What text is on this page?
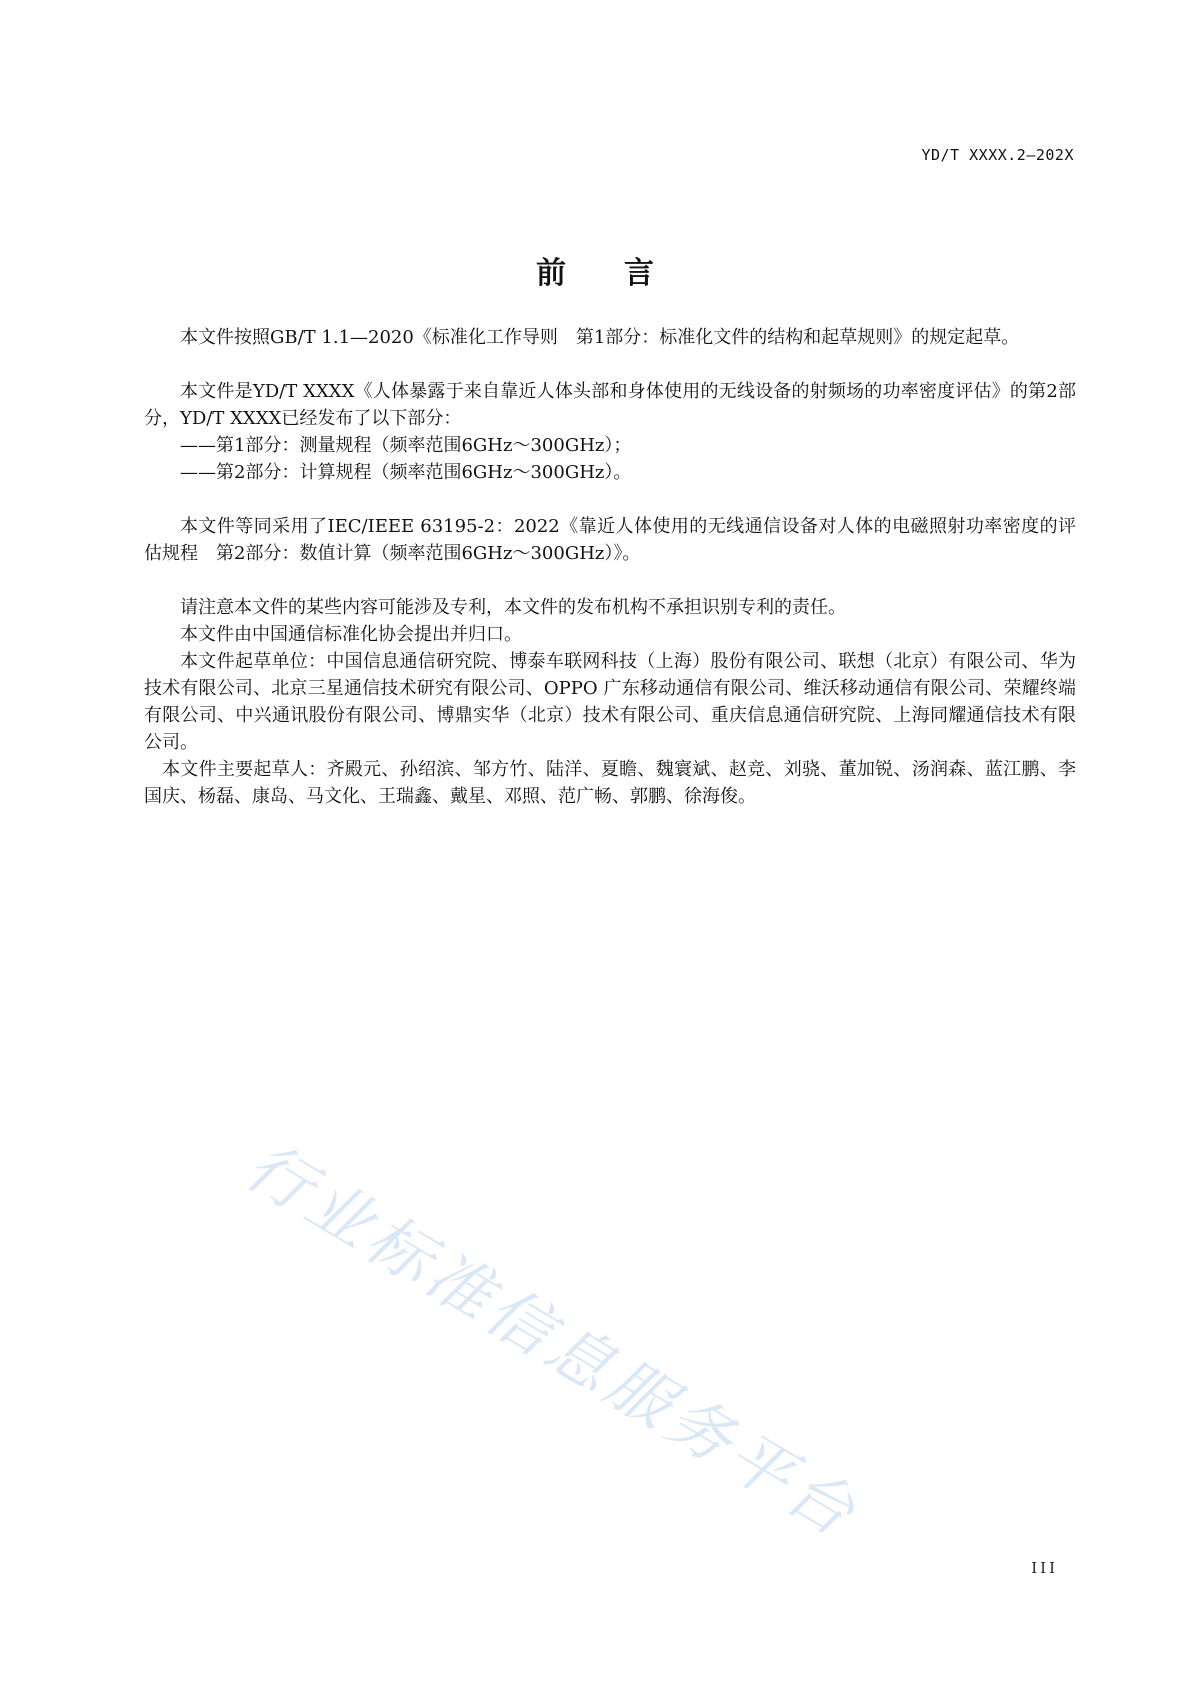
YD/T XXXX.2—202X
前言

本文件按照GB/T 1.1—2020《标准化工作导则　第1部分：标准化文件的结构和起草规则》的规定起草。

本文件是YD/T XXXX《人体暴露于来自靠近人体头部和身体使用的无线设备的射频场的功率密度评估》的第2部分，YD/T XXXX已经发布了以下部分：

——第1部分：测量规程（频率范围6GHz～300GHz）；

——第2部分：计算规程（频率范围6GHz～300GHz）。

本文件等同采用了IEC/IEEE 63195-2：2022《靠近人体使用的无线通信设备对人体的电磁照射功率密度的评估规程　第2部分：数值计算（频率范围6GHz～300GHz）》。

请注意本文件的某些内容可能涉及专利，本文件的发布机构不承担识别专利的责任。

本文件由中国通信标准化协会提出并归口。

本文件起草单位：中国信息通信研究院、博泰车联网科技（上海）股份有限公司、联想（北京）有限公司、华为技术有限公司、北京三星通信技术研究有限公司、OPPO 广东移动通信有限公司、维沃移动通信有限公司、荣耀终端有限公司、中兴通讯股份有限公司、博鼎实华（北京）技术有限公司、重庆信息通信研究院、上海同耀通信技术有限公司。

本文件主要起草人：齐殿元、孙绍滨、邹方竹、陆洋、夏瞻、魏寰斌、赵竞、刘骁、董加锐、汤润森、蓝江鹏、李国庆、杨磊、康岛、马文化、王瑞鑫、戴星、邓照、范广畅、郭鹏、徐海俊。

行业标准信息服务平台
III
